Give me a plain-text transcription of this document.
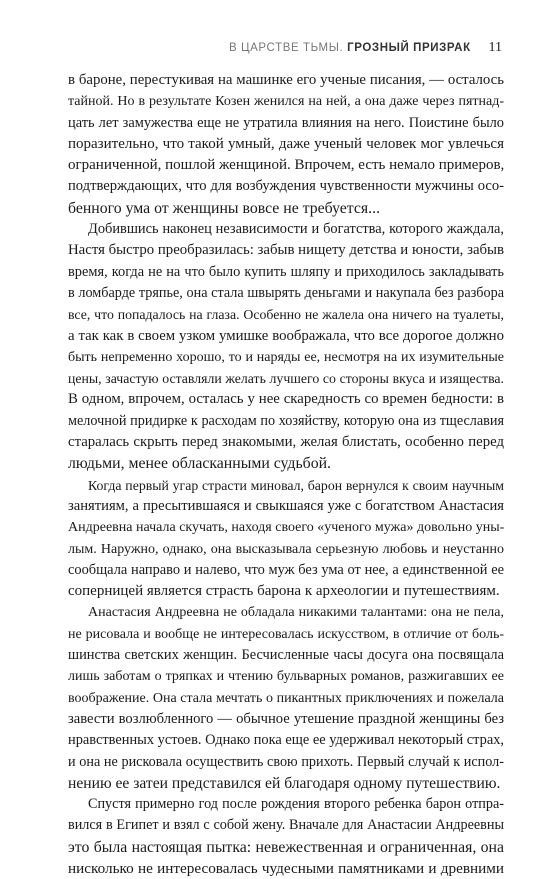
В ЦАРСТВЕ ТЬМЫ. ГРОЗНЫЙ ПРИЗРАК 11
в бароне, перестукивая на машинке его ученые писания, — осталось
тайной. Но в результате Козен женился на ней, а она даже через пятнад-
цать лет замужества еще не утратила влияния на него. Поистине было
поразительно, что такой умный, даже ученый человек мог увлечься
ограниченной, пошлой женщиной. Впрочем, есть немало примеров,
подтверждающих, что для возбуждения чувственности мужчины осо-
бенного ума от женщины вовсе не требуется...
Добившись наконец независимости и богатства, которого жаждала,
Настя быстро преобразилась: забыв нищету детства и юности, забыв
время, когда не на что было купить шляпу и приходилось закладывать
в ломбарде тряпье, она стала швырять деньгами и накупала без разбора
все, что попадалось на глаза. Особенно не жалела она ничего на туалеты,
а так как в своем узком умишке воображала, что все дорогое должно
быть непременно хорошо, то и наряды ее, несмотря на их изумительные
цены, зачастую оставляли желать лучшего со стороны вкуса и изящества.
В одном, впрочем, осталась у нее скаредность со времен бедности: в
мелочной придирке к расходам по хозяйству, которую она из тщеславия
старалась скрыть перед знакомыми, желая блистать, особенно перед
людьми, менее обласканными судьбой.
Когда первый угар страсти миновал, барон вернулся к своим научным
занятиям, а пресытившаяся и свыкшаяся уже с богатством Анастасия
Андреевна начала скучать, находя своего «ученого мужа» довольно уны-
лым. Наружно, однако, она высказывала серьезную любовь и неустанно
сообщала направо и налево, что муж без ума от нее, а единственной ее
соперницей является страсть барона к археологии и путешествиям.
Анастасия Андреевна не обладала никакими талантами: она не пела,
не рисовала и вообще не интересовалась искусством, в отличие от боль-
шинства светских женщин. Бесчисленные часы досуга она посвящала
лишь заботам о тряпках и чтению бульварных романов, разжигавших ее
воображение. Она стала мечтать о пикантных приключениях и пожелала
завести возлюбленного — обычное утешение праздной женщины без
нравственных устоев. Однако пока еще ее удерживал некоторый страх,
и она не рисковала осуществить свою прихоть. Первый случай к испол-
нению ее затеи представился ей благодаря одному путешествию.
Спустя примерно год после рождения второго ребенка барон отпра-
вился в Египет и взял с собой жену. Вначале для Анастасии Андреевны
это была настоящая пытка: невежественная и ограниченная, она
нисколько не интересовалась чудесными памятниками и древними
